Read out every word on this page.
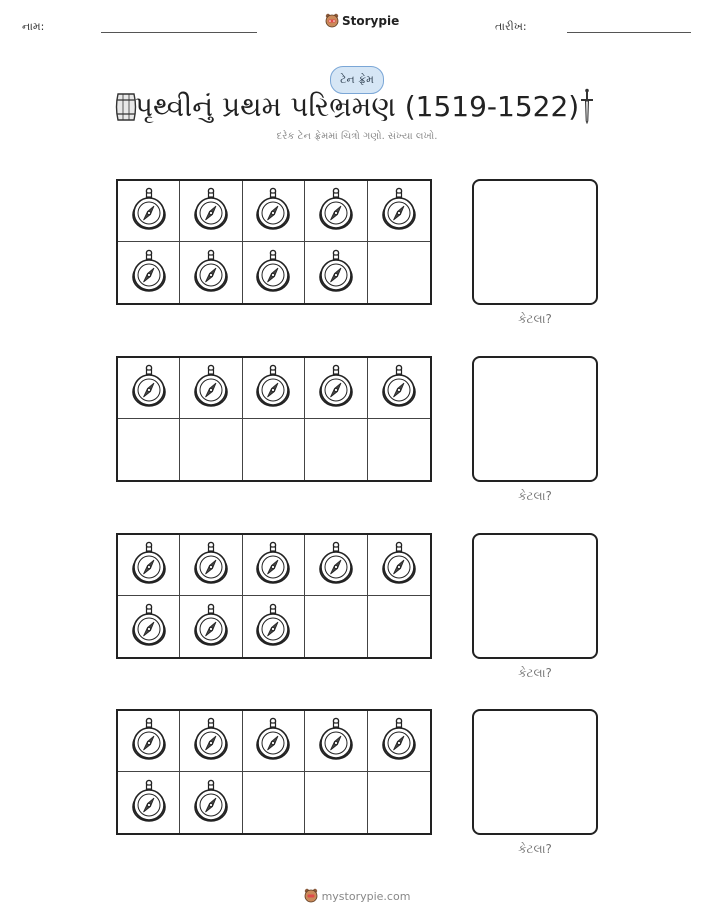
નામ:	Storypie	તારીખ:
ટેન ફ્રેમ
પૃથ્વીનું પ્રથમ પરિભ્રમણ (1519-1522)
દરેક ટેન ફ્રેમમાં ચિત્રો ગણો. સંખ્યા લખો.
કેટલા?
કેટલા?
કેટલા?
કેટલા?
mystorypie.com
